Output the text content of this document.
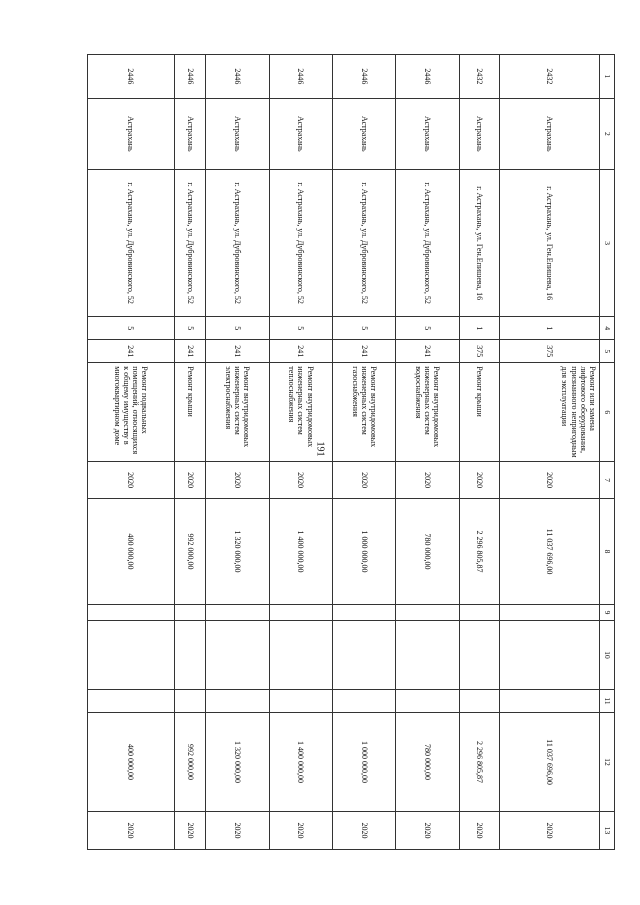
191
1	2	3	4	5	6	7	8	9	10	11	12	13
2432	Астрахань	г. Астрахань, ул. Ген.Епишева, 16	1	375	Ремонт или замена лифтового оборудования, признанного непригодным для эксплуатации	2020	11 037 696,00				11 037 696,00	2020
2432	Астрахань	г. Астрахань, ул. Ген.Епишева, 16	1	375	Ремонт крыши	2020	2 296 805,87				2 296 805,87	2020
2446	Астрахань	г. Астрахань, ул. Дубровинского, 52	5	241	Ремонт внутридомовых инженерных систем водоснабжения	2020	780 000,00				780 000,00	2020
2446	Астрахань	г. Астрахань, ул. Дубровинского, 52	5	241	Ремонт внутридомовых инженерных систем газоснабжения	2020	1 000 000,00				1 000 000,00	2020
2446	Астрахань	г. Астрахань, ул. Дубровинского, 52	5	241	Ремонт внутридомовых инженерных систем теплоснабжения	2020	1 400 000,00				1 400 000,00	2020
2446	Астрахань	г. Астрахань, ул. Дубровинского, 52	5	241	Ремонт внутридомовых инженерных систем электроснабжения	2020	1 320 000,00				1 320 000,00	2020
2446	Астрахань	г. Астрахань, ул. Дубровинского, 52	5	241	Ремонт крыши	2020	992 000,00				992 000,00	2020
2446	Астрахань	г. Астрахань, ул. Дубровинского, 52	5	241	Ремонт подвальных помещений, относящихся к общему имуществу в многоквартирном доме	2020	400 000,00				400 000,00	2020
